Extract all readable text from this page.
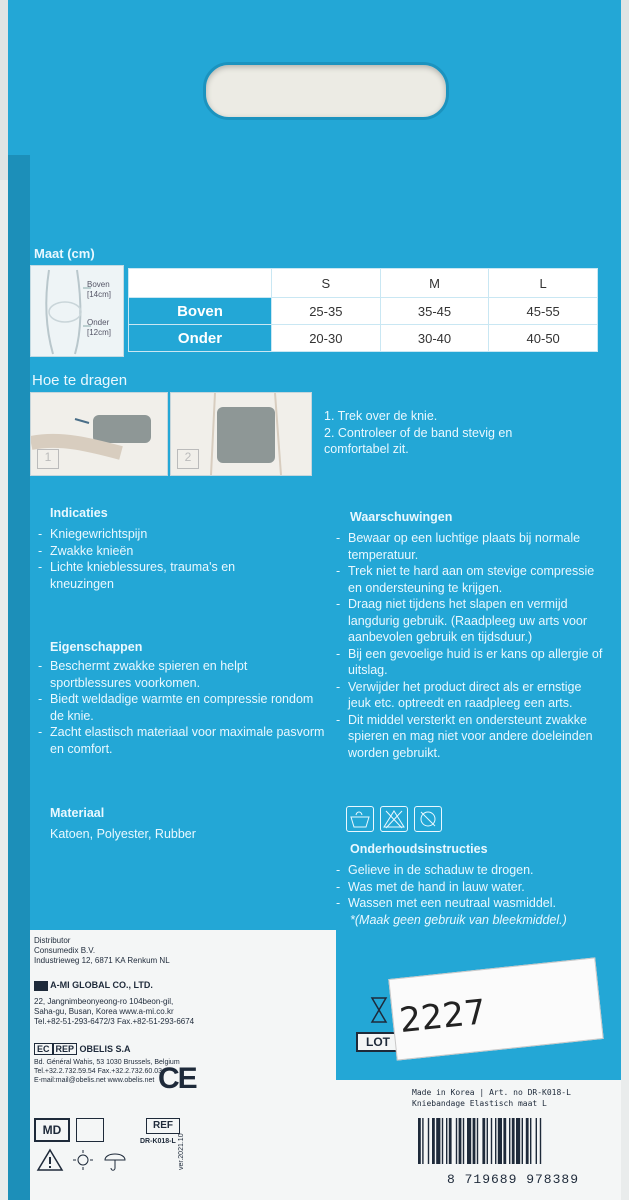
Maat (cm)
Boven
[14cm]
Onder
[12cm]
	S	M	L
Boven	25-35	35-45	45-55
Onder	20-30	30-40	40-50
Hoe te dragen
1	2
1. Trek over de knie.
2. Controleer of de band stevig en comfortabel zit.
Indicaties
- Kniegewrichtspijn
- Zwakke knieën
- Lichte knieblessures, trauma's en kneuzingen
Eigenschappen
- Beschermt zwakke spieren en helpt sportblessures voorkomen.
- Biedt weldadige warmte en compressie rondom de knie.
- Zacht elastisch materiaal voor maximale pasvorm en comfort.
Materiaal
Katoen, Polyester, Rubber
Waarschuwingen
- Bewaar op een luchtige plaats bij normale temperatuur.
- Trek niet te hard aan om stevige compressie en ondersteuning te krijgen.
- Draag niet tijdens het slapen en vermijd langdurig gebruik. (Raadpleeg uw arts voor aanbevolen gebruik en tijdsduur.)
- Bij een gevoelige huid is er kans op allergie of uitslag.
- Verwijder het product direct als er ernstige jeuk etc. optreedt en raadpleeg een arts.
- Dit middel versterkt en ondersteunt zwakke spieren en mag niet voor andere doeleinden worden gebruikt.
Onderhoudsinstructies
- Gelieve in de schaduw te drogen.
- Was met de hand in lauw water.
- Wassen met een neutraal wasmiddel.
*(Maak geen gebruik van bleekmiddel.)
Distributor
Consumedix B.V.
Industrieweg 12, 6871 KA Renkum NL
A-MI GLOBAL CO., LTD.
22, Jangnimbeonyeong-ro 104beon-gil,
Saha-gu, Busan, Korea www.a-mi.co.kr
Tel.+82-51-293-6472/3 Fax.+82-51-293-6674
EC REP OBELIS S.A
Bd. Général Wahis, 53 1030 Brussels, Belgium
Tel.+32.2.732.59.54 Fax.+32.2.732.60.03
E-mail:mail@obelis.net www.obelis.net CE
MD	REF
DR-K018-L ver.2021.10
LOT
2227
Made in Korea | Art. no DR-K018-L
Kniebandage Elastisch maat L
8 719689 978389
